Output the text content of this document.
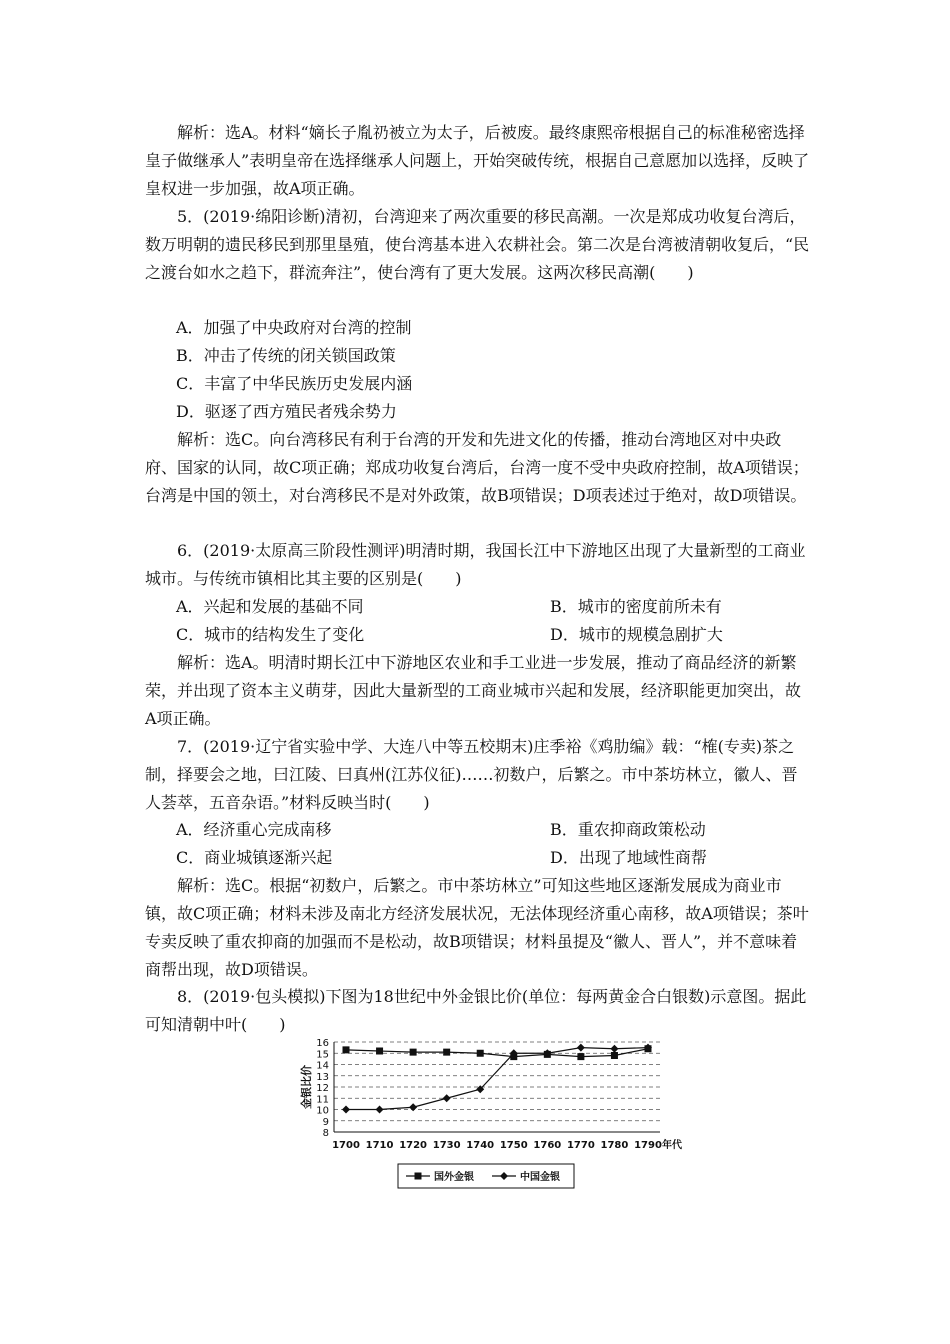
解析：选A。材料“嫡长子胤礽被立为太子，后被废。最终康熙帝根据自己的标准秘密选择皇子做继承人”表明皇帝在选择继承人问题上，开始突破传统，根据自己意愿加以选择，反映了皇权进一步加强，故A项正确。

5．(2019·绵阳诊断)清初，台湾迎来了两次重要的移民高潮。一次是郑成功收复台湾后，数万明朝的遗民移民到那里垦殖，使台湾基本进入农耕社会。第二次是台湾被清朝收复后，“民之渡台如水之趋下，群流奔注”，使台湾有了更大发展。这两次移民高潮(　　)

A．加强了中央政府对台湾的控制
B．冲击了传统的闭关锁国政策
C．丰富了中华民族历史发展内涵
D．驱逐了西方殖民者残余势力

解析：选C。向台湾移民有利于台湾的开发和先进文化的传播，推动台湾地区对中央政府、国家的认同，故C项正确；郑成功收复台湾后，台湾一度不受中央政府控制，故A项错误；台湾是中国的领土，对台湾移民不是对外政策，故B项错误；D项表述过于绝对，故D项错误。

6．(2019·太原高三阶段性测评)明清时期，我国长江中下游地区出现了大量新型的工商业城市。与传统市镇相比其主要的区别是(　　)

A．兴起和发展的基础不同	B．城市的密度前所未有
C．城市的结构发生了变化	D．城市的规模急剧扩大

解析：选A。明清时期长江中下游地区农业和手工业进一步发展，推动了商品经济的新繁荣，并出现了资本主义萌芽，因此大量新型的工商业城市兴起和发展，经济职能更加突出，故A项正确。

7．(2019·辽宁省实验中学、大连八中等五校期末)庄季裕《鸡肋编》载：“榷(专卖)茶之制，择要会之地，曰江陵、曰真州(江苏仪征)……初数户，后繁之。市中茶坊林立，徽人、晋人荟萃，五音杂语。”材料反映当时(　　)

A．经济重心完成南移	B．重农抑商政策松动
C．商业城镇逐渐兴起	D．出现了地域性商帮

解析：选C。根据“初数户，后繁之。市中茶坊林立”可知这些地区逐渐发展成为商业市镇，故C项正确；材料未涉及南北方经济发展状况，无法体现经济重心南移，故A项错误；茶叶专卖反映了重农抑商的加强而不是松动，故B项错误；材料虽提及“徽人、晋人”，并不意味着商帮出现，故D项错误。

8．(2019·包头模拟)下图为18世纪中外金银比价(单位：每两黄金合白银数)示意图。据此可知清朝中叶(　　)

8
9
10
11
12
13
14
15
16
金银比价
1700 1710 1720 1730 1740 1750 1760 1770 1780 1790 年代
国外金银	中国金银
